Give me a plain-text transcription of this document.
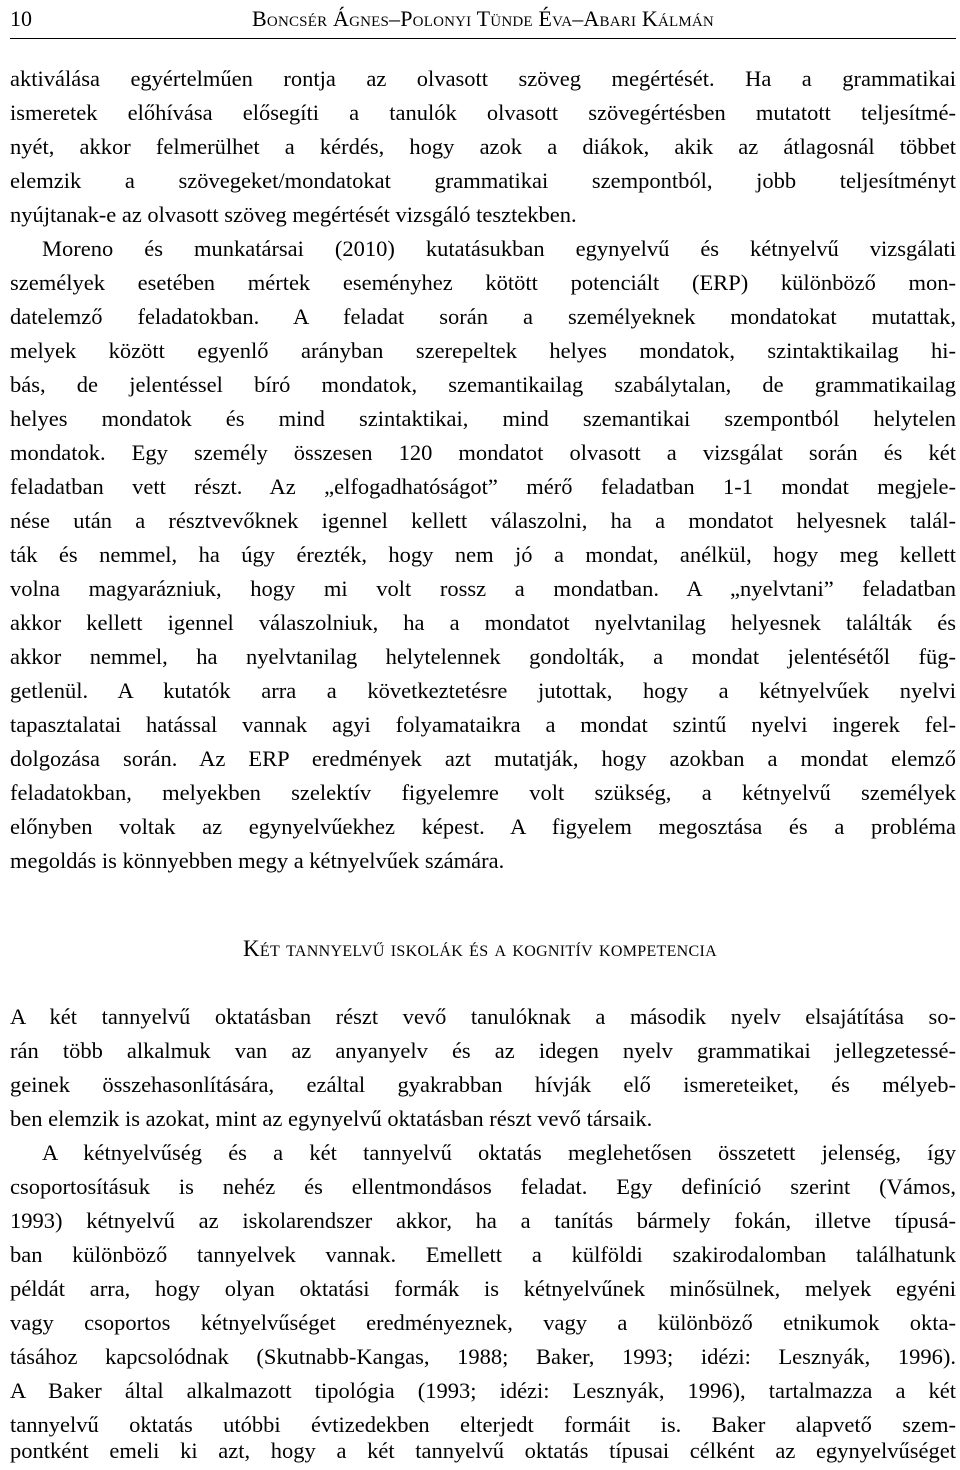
10	Boncsér Ágnes–Polonyi Tünde Éva–Abari Kálmán
aktiválása egyértelműen rontja az olvasott szöveg megértését. Ha a grammatikai
ismeretek előhívása elősegíti a tanulók olvasott szövegértésben mutatott teljesítmé-
nyét, akkor felmerülhet a kérdés, hogy azok a diákok, akik az átlagosnál többet
elemzik a szövegeket/mondatokat grammatikai szempontból, jobb teljesítményt
nyújtanak-e az olvasott szöveg megértését vizsgáló tesztekben.
Moreno és munkatársai (2010) kutatásukban egynyelvű és kétnyelvű vizsgálati
személyek esetében mértek eseményhez kötött potenciált (ERP) különböző mon-
datelemző feladatokban. A feladat során a személyeknek mondatokat mutattak,
melyek között egyenlő arányban szerepeltek helyes mondatok, szintaktikailag hi-
bás, de jelentéssel bíró mondatok, szemantikailag szabálytalan, de grammatikailag
helyes mondatok és mind szintaktikai, mind szemantikai szempontból helytelen
mondatok. Egy személy összesen 120 mondatot olvasott a vizsgálat során és két
feladatban vett részt. Az „elfogadhatóságot” mérő feladatban 1-1 mondat megjele-
nése után a résztvevőknek igennel kellett válaszolni, ha a mondatot helyesnek talál-
ták és nemmel, ha úgy érezték, hogy nem jó a mondat, anélkül, hogy meg kellett
volna magyarázniuk, hogy mi volt rossz a mondatban. A „nyelvtani” feladatban
akkor kellett igennel válaszolniuk, ha a mondatot nyelvtanilag helyesnek találták és
akkor nemmel, ha nyelvtanilag helytelennek gondolták, a mondat jelentésétől füg-
getlenül. A kutatók arra a következtetésre jutottak, hogy a kétnyelvűek nyelvi
tapasztalatai hatással vannak agyi folyamataikra a mondat szintű nyelvi ingerek fel-
dolgozása során. Az ERP eredmények azt mutatják, hogy azokban a mondat elemző
feladatokban, melyekben szelektív figyelemre volt szükség, a kétnyelvű személyek
előnyben voltak az egynyelvűekhez képest. A figyelem megosztása és a probléma
megoldás is könnyebben megy a kétnyelvűek számára.
Két tannyelvű iskolák és a kognitív kompetencia
A két tannyelvű oktatásban részt vevő tanulóknak a második nyelv elsajátítása so-
rán több alkalmuk van az anyanyelv és az idegen nyelv grammatikai jellegzetessé-
geinek összehasonlítására, ezáltal gyakrabban hívják elő ismereteiket, és mélyeb-
ben elemzik is azokat, mint az egynyelvű oktatásban részt vevő társaik.
A kétnyelvűség és a két tannyelvű oktatás meglehetősen összetett jelenség, így
csoportosításuk is nehéz és ellentmondásos feladat. Egy definíció szerint (Vámos,
1993) kétnyelvű az iskolarendszer akkor, ha a tanítás bármely fokán, illetve típusá-
ban különböző tannyelvek vannak. Emellett a külföldi szakirodalomban találhatunk
példát arra, hogy olyan oktatási formák is kétnyelvűnek minősülnek, melyek egyéni
vagy csoportos kétnyelvűséget eredményeznek, vagy a különböző etnikumok okta-
tásához kapcsolódnak (Skutnabb-Kangas, 1988; Baker, 1993; idézi: Lesznyák, 1996).
A Baker által alkalmazott tipológia (1993; idézi: Lesznyák, 1996), tartalmazza a két
tannyelvű oktatás utóbbi évtizedekben elterjedt formáit is. Baker alapvető szem-
pontként emeli ki azt, hogy a két tannyelvű oktatás típusai célként az egynyelvűséget
